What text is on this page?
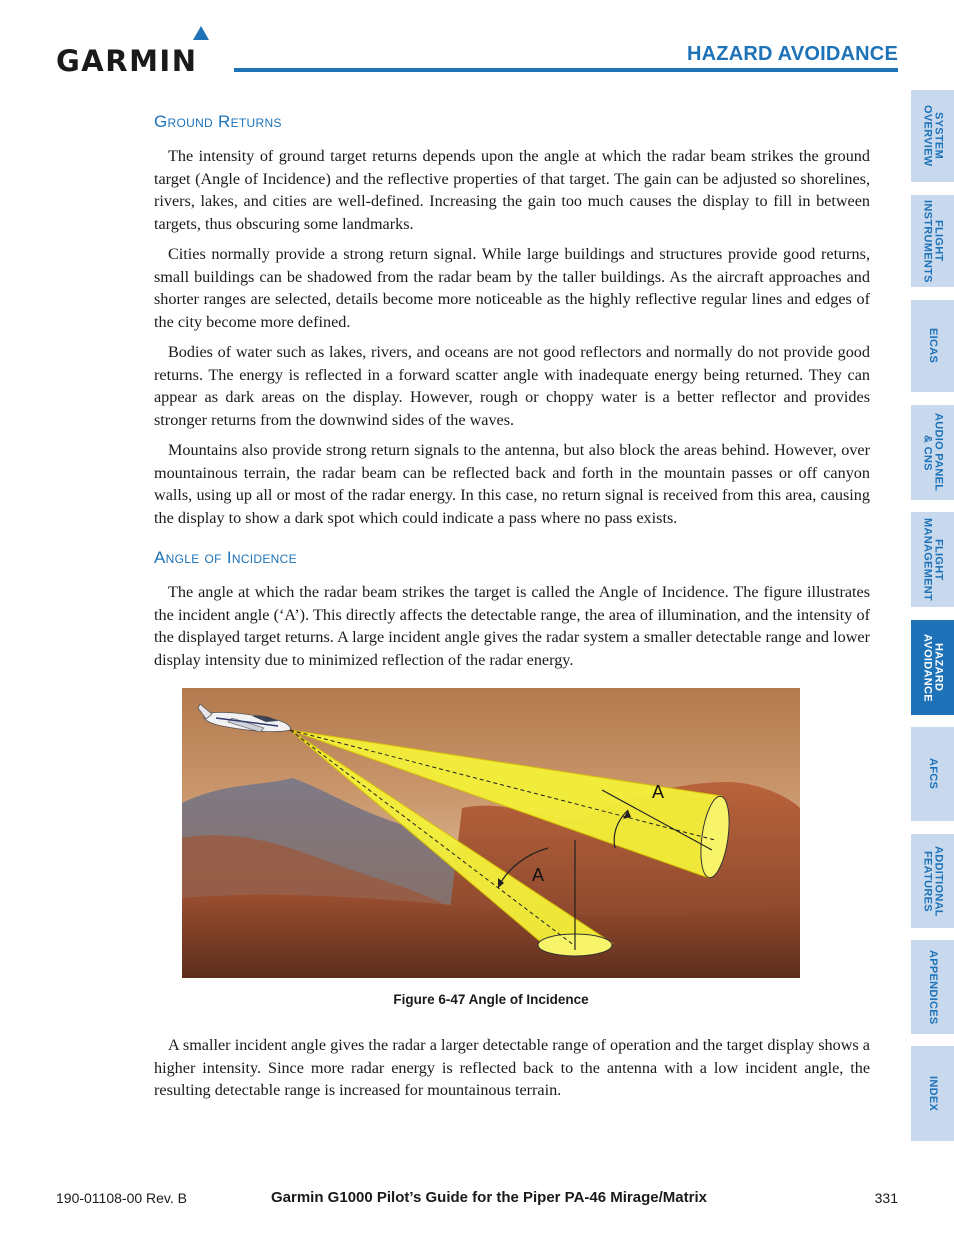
GARMIN	HAZARD AVOIDANCE
Ground Returns

The intensity of ground target returns depends upon the angle at which the radar beam strikes the ground target (Angle of Incidence) and the reflective properties of that target. The gain can be adjusted so shorelines, rivers, lakes, and cities are well-defined. Increasing the gain too much causes the display to fill in between targets, thus obscuring some landmarks.

Cities normally provide a strong return signal. While large buildings and structures provide good returns, small buildings can be shadowed from the radar beam by the taller buildings. As the aircraft approaches and shorter ranges are selected, details become more noticeable as the highly reflective regular lines and edges of the city become more defined.

Bodies of water such as lakes, rivers, and oceans are not good reflectors and normally do not provide good returns. The energy is reflected in a forward scatter angle with inadequate energy being returned. They can appear as dark areas on the display. However, rough or choppy water is a better reflector and provides stronger returns from the downwind sides of the waves.

Mountains also provide strong return signals to the antenna, but also block the areas behind. However, over mountainous terrain, the radar beam can be reflected back and forth in the mountain passes or off canyon walls, using up all or most of the radar energy. In this case, no return signal is received from this area, causing the display to show a dark spot which could indicate a pass where no pass exists.

Angle of Incidence

The angle at which the radar beam strikes the target is called the Angle of Incidence. The figure illustrates the incident angle (‘A’). This directly affects the detectable range, the area of illumination, and the intensity of the displayed target returns. A large incident angle gives the radar system a smaller detectable range and lower display intensity due to minimized reflection of the radar energy.

A smaller incident angle gives the radar a larger detectable range of operation and the target display shows a higher intensity. Since more radar energy is reflected back to the antenna with a low incident angle, the resulting detectable range is increased for mountainous terrain.

A
A
Figure 6-47 Angle of Incidence
SYSTEM
OVERVIEW
FLIGHT
INSTRUMENTS
EICAS
AUDIO PANEL
& CNS
FLIGHT
MANAGEMENT
HAZARD
AVOIDANCE
AFCS
ADDITIONAL
FEATURES
APPENDICES
INDEX
190-01108-00 Rev. B	Garmin G1000 Pilot’s Guide for the Piper PA-46 Mirage/Matrix	331
